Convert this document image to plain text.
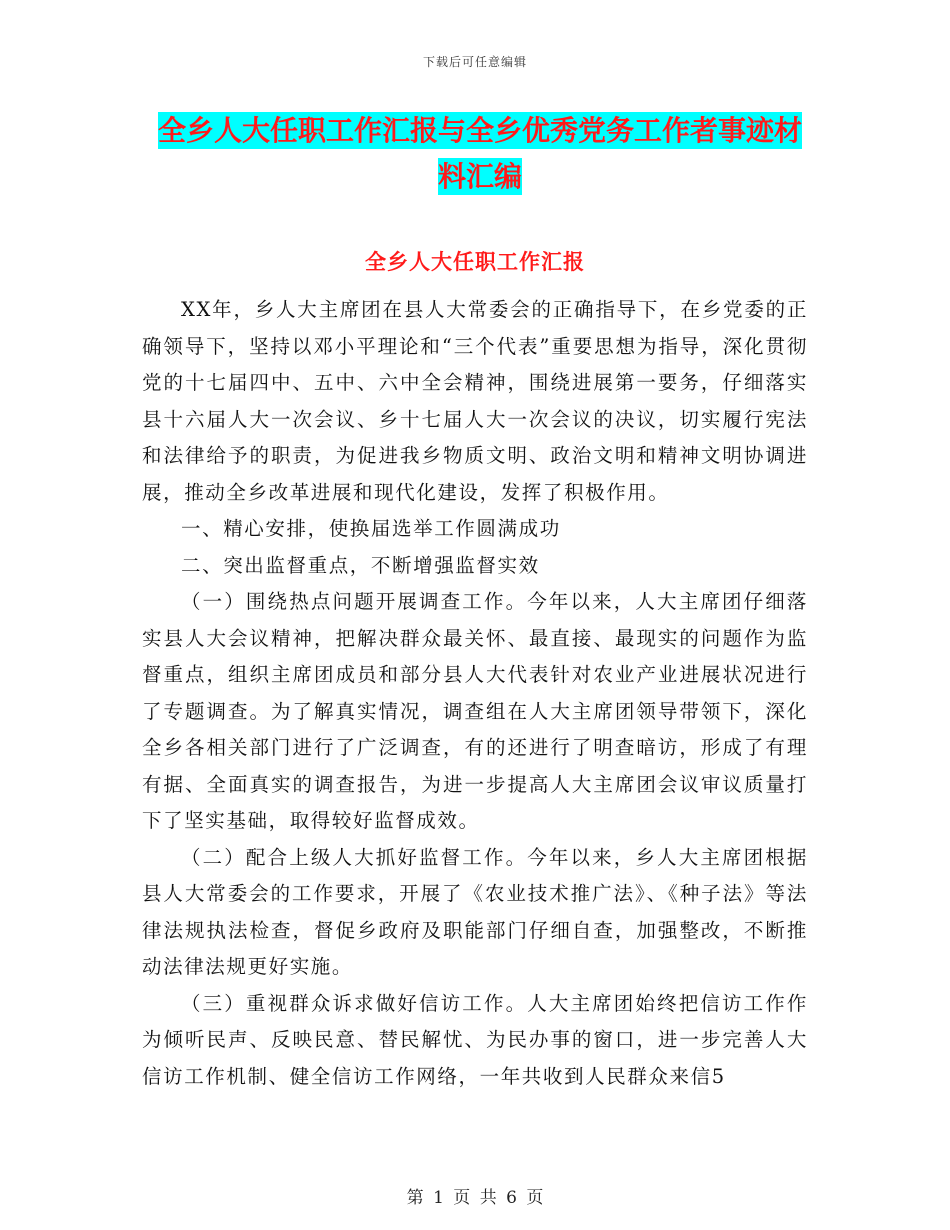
下载后可任意编辑
全乡人大任职工作汇报与全乡优秀党务工作者事迹材
料汇编
全乡人大任职工作汇报

XX年，乡人大主席团在县人大常委会的正确指导下，在乡党委的正确领导下，坚持以邓小平理论和“三个代表”重要思想为指导，深化贯彻党的十七届四中、五中、六中全会精神，围绕进展第一要务，仔细落实县十六届人大一次会议、乡十七届人大一次会议的决议，切实履行宪法和法律给予的职责，为促进我乡物质文明、政治文明和精神文明协调进展，推动全乡改革进展和现代化建设，发挥了积极作用。

一、精心安排，使换届选举工作圆满成功

二、突出监督重点，不断增强监督实效

（一）围绕热点问题开展调查工作。今年以来，人大主席团仔细落实县人大会议精神，把解决群众最关怀、最直接、最现实的问题作为监督重点，组织主席团成员和部分县人大代表针对农业产业进展状况进行了专题调查。为了解真实情况，调查组在人大主席团领导带领下，深化全乡各相关部门进行了广泛调查，有的还进行了明查暗访，形成了有理有据、全面真实的调查报告，为进一步提高人大主席团会议审议质量打下了坚实基础，取得较好监督成效。

（二）配合上级人大抓好监督工作。今年以来，乡人大主席团根据县人大常委会的工作要求，开展了《农业技术推广法》、《种子法》等法律法规执法检查，督促乡政府及职能部门仔细自查，加强整改，不断推动法律法规更好实施。

（三）重视群众诉求做好信访工作。人大主席团始终把信访工作作为倾听民声、反映民意、替民解忧、为民办事的窗口，进一步完善人大信访工作机制、健全信访工作网络，一年共收到人民群众来信5

第 1 页 共 6 页
